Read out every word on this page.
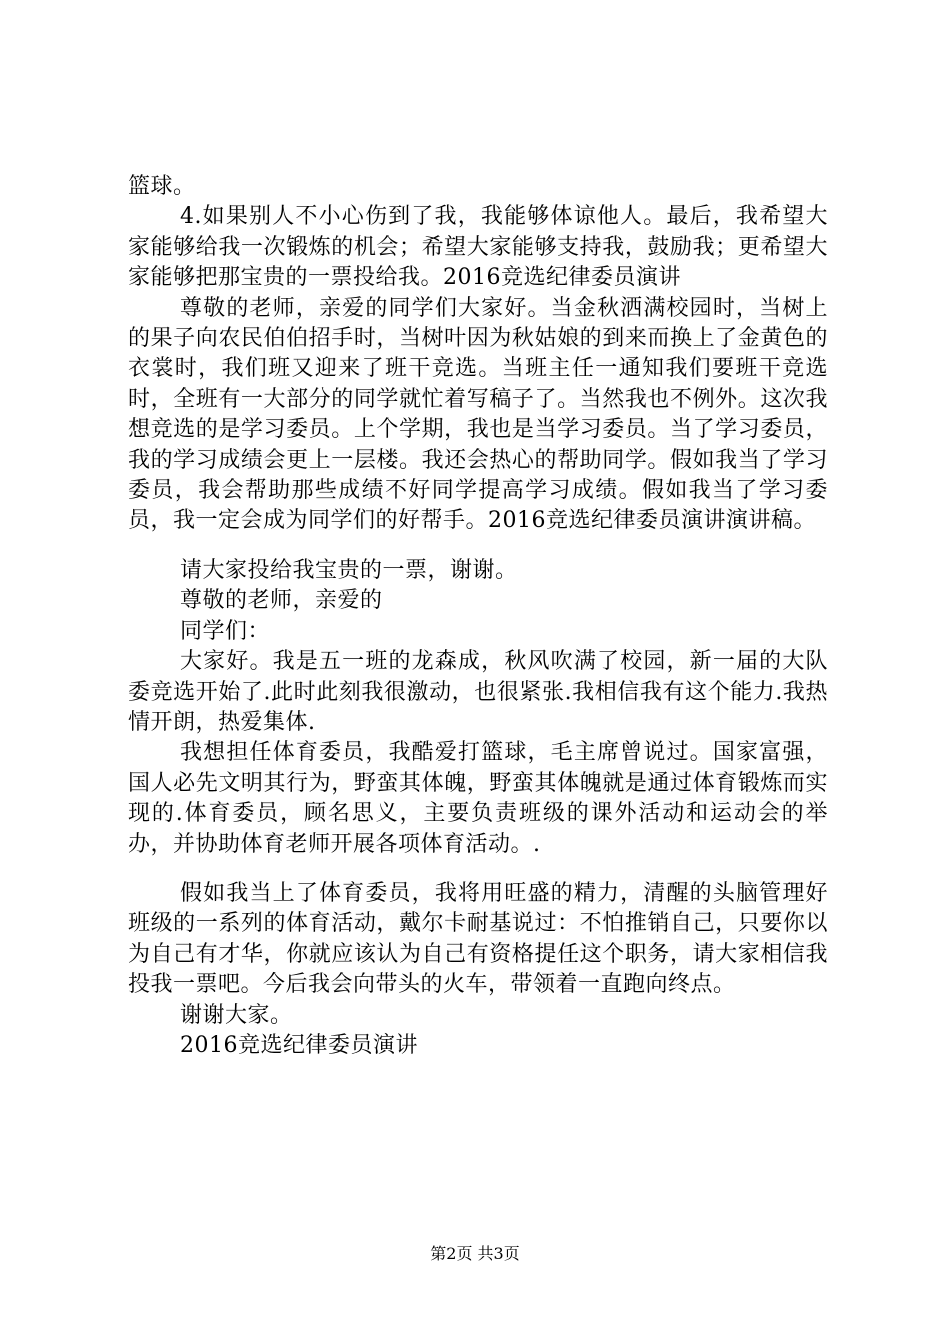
篮球。

4.如果别人不小心伤到了我，我能够体谅他人。最后，我希望大家能够给我一次锻炼的机会；希望大家能够支持我，鼓励我；更希望大家能够把那宝贵的一票投给我。2016竞选纪律委员演讲

尊敬的老师，亲爱的同学们大家好。当金秋洒满校园时，当树上的果子向农民伯伯招手时，当树叶因为秋姑娘的到来而换上了金黄色的衣裳时，我们班又迎来了班干竞选。当班主任一通知我们要班干竞选时，全班有一大部分的同学就忙着写稿子了。当然我也不例外。这次我想竞选的是学习委员。上个学期，我也是当学习委员。当了学习委员，我的学习成绩会更上一层楼。我还会热心的帮助同学。假如我当了学习委员，我会帮助那些成绩不好同学提高学习成绩。假如我当了学习委员，我一定会成为同学们的好帮手。2016竞选纪律委员演讲演讲稿。

请大家投给我宝贵的一票，谢谢。

尊敬的老师，亲爱的

同学们：

大家好。我是五一班的龙森成，秋风吹满了校园，新一届的大队委竞选开始了.此时此刻我很激动，也很紧张.我相信我有这个能力.我热情开朗，热爱集体.

我想担任体育委员，我酷爱打篮球，毛主席曾说过。国家富强，国人必先文明其行为，野蛮其体魄，野蛮其体魄就是通过体育锻炼而实现的.体育委员，顾名思义，主要负责班级的课外活动和运动会的举办，并协助体育老师开展各项体育活动。.

假如我当上了体育委员，我将用旺盛的精力，清醒的头脑管理好班级的一系列的体育活动，戴尔卡耐基说过：不怕推销自己，只要你以为自己有才华，你就应该认为自己有资格提任这个职务，请大家相信我投我一票吧。今后我会向带头的火车，带领着一直跑向终点。

谢谢大家。

2016竞选纪律委员演讲

第2页 共3页
